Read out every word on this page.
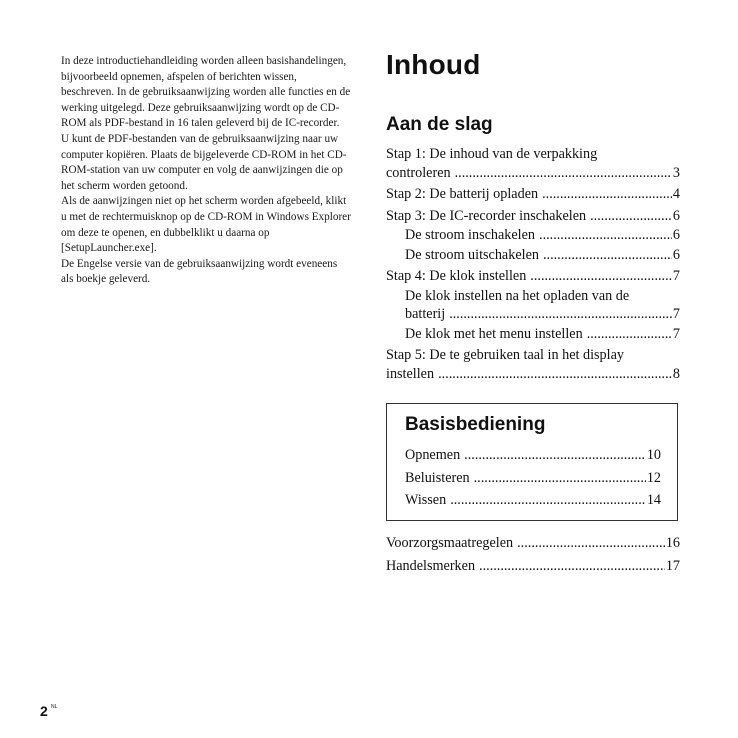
In deze introductiehandleiding worden alleen basishandelingen, bijvoorbeeld opnemen, afspelen of berichten wissen, beschreven. In de gebruiksaanwijzing worden alle functies en de werking uitgelegd. Deze gebruiksaanwijzing wordt op de CD-ROM als PDF-bestand in 16 talen geleverd bij de IC-recorder.

U kunt de PDF-bestanden van de gebruiksaanwijzing naar uw computer kopiëren. Plaats de bijgeleverde CD-ROM in het CD-ROM-station van uw computer en volg de aanwijzingen die op het scherm worden getoond.

Als de aanwijzingen niet op het scherm worden afgebeeld, klikt u met de rechtermuisknop op de CD-ROM in Windows Explorer om deze te openen, en dubbelklikt u daarna op [SetupLauncher.exe].

De Engelse versie van de gebruiksaanwijzing wordt eveneens als boekje geleverd.

Inhoud
Aan de slag
Stap 1: De inhoud van de verpakking
controleren .....	3
Stap 2: De batterij opladen .....	4
Stap 3: De IC-recorder inschakelen .....	6
De stroom inschakelen .....	6
De stroom uitschakelen .....	6
Stap 4: De klok instellen .....	7
De klok instellen na het opladen van de
batterij .....	7
De klok met het menu instellen .....	7
Stap 5: De te gebruiken taal in het display
instellen .....	8
Basisbediening
Opnemen .....	10
Beluisteren .....	12
Wissen .....	14
Voorzorgsmaatregelen .....	16
Handelsmerken .....	17
2 NL
